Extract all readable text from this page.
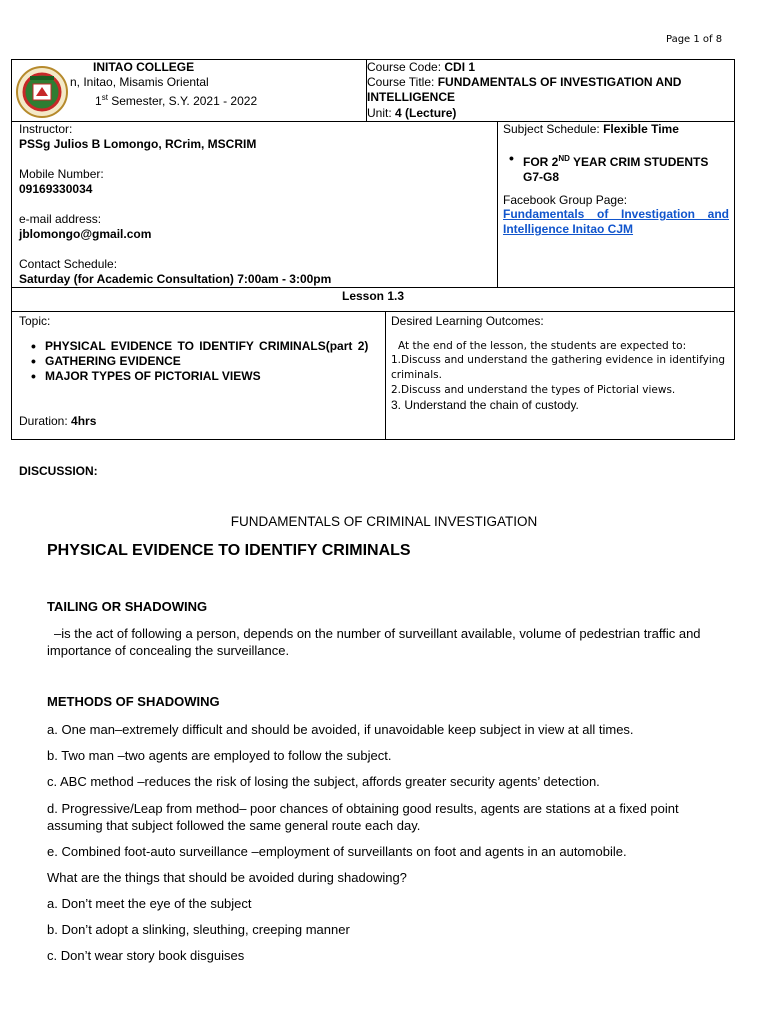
Page 1 of 8
INITAO COLLEGE
n, Initao, Misamis Oriental
1st Semester, S.Y. 2021 - 2022
Course Code: CDI 1
Course Title: FUNDAMENTALS OF INVESTIGATION AND INTELLIGENCE
Unit: 4 (Lecture)
Instructor:
PSSg Julios B Lomongo, RCrim, MSCRIM
Mobile Number:
09169330034
e-mail address:
jblomongo@gmail.com
Contact Schedule:
Saturday (for Academic Consultation) 7:00am - 3:00pm
Subject Schedule: Flexible Time
• FOR 2ND YEAR CRIM STUDENTS G7-G8
Facebook Group Page:
Fundamentals of Investigation and Intelligence Initao CJM
Lesson 1.3
Topic:
• PHYSICAL EVIDENCE TO IDENTIFY CRIMINALS(part 2)
• GATHERING EVIDENCE
• MAJOR TYPES OF PICTORIAL VIEWS
Duration: 4hrs
Desired Learning Outcomes:
At the end of the lesson, the students are expected to:
1.Discuss and understand the gathering evidence in identifying criminals.
2.Discuss and understand the types of Pictorial views.
3. Understand the chain of custody.
DISCUSSION:
FUNDAMENTALS OF CRIMINAL INVESTIGATION
PHYSICAL EVIDENCE TO IDENTIFY CRIMINALS
TAILING OR SHADOWING
–is the act of following a person, depends on the number of surveillant available, volume of pedestrian traffic and importance of concealing the surveillance.
METHODS OF SHADOWING
a. One man–extremely difficult and should be avoided, if unavoidable keep subject in view at all times.
b. Two man –two agents are employed to follow the subject.
c. ABC method –reduces the risk of losing the subject, affords greater security agents’ detection.
d. Progressive/Leap from method– poor chances of obtaining good results, agents are stations at a fixed point assuming that subject followed the same general route each day.
e. Combined foot-auto surveillance –employment of surveillants on foot and agents in an automobile.
What are the things that should be avoided during shadowing?
a. Don’t meet the eye of the subject
b. Don’t adopt a slinking, sleuthing, creeping manner
c. Don’t wear story book disguises
